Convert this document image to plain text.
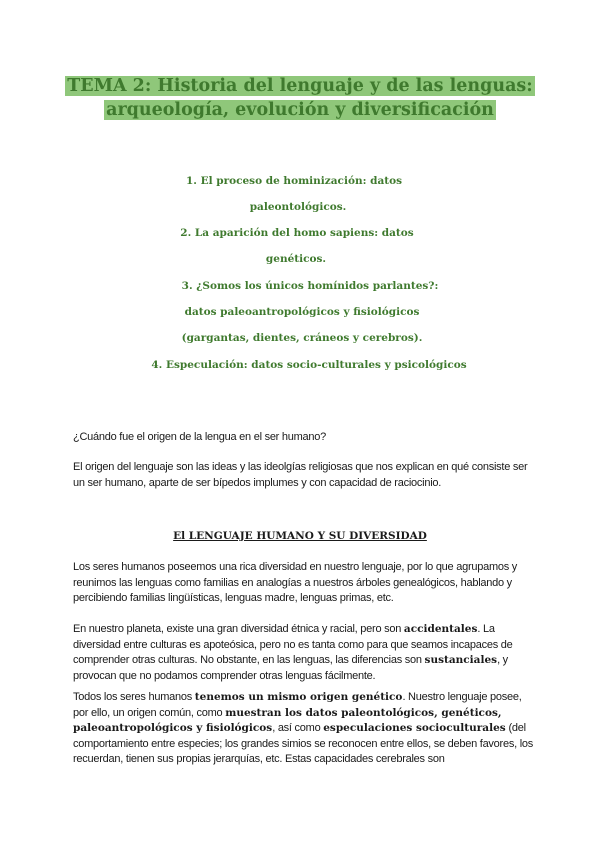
TEMA 2: Historia del lenguaje y de las lenguas:
arqueología, evolución y diversificación
1. El proceso de hominización: datos
paleontológicos.
2. La aparición del homo sapiens: datos
genéticos.
3. ¿Somos los únicos homínidos parlantes?:
datos paleoantropológicos y fisiológicos
(gargantas, dientes, cráneos y cerebros).
4. Especulación: datos socio-culturales y psicológicos
¿Cuándo fue el origen de la lengua en el ser humano?
El origen del lenguaje son las ideas y las ideolgías religiosas que nos explican en qué consiste ser un ser humano, aparte de ser bípedos implumes y con capacidad de raciocinio.
El LENGUAJE HUMANO Y SU DIVERSIDAD
Los seres humanos poseemos una rica diversidad en nuestro lenguaje, por lo que agrupamos y reunimos las lenguas como familias en analogías a nuestros árboles genealógicos, hablando y percibiendo familias lingüísticas, lenguas madre, lenguas primas, etc.
En nuestro planeta, existe una gran diversidad étnica y racial, pero son accidentales. La diversidad entre culturas es apoteósica, pero no es tanta como para que seamos incapaces de comprender otras culturas. No obstante, en las lenguas, las diferencias son sustanciales, y provocan que no podamos comprender otras lenguas fácilmente.
Todos los seres humanos tenemos un mismo origen genético. Nuestro lenguaje posee, por ello, un origen común, como muestran los datos paleontológicos, genéticos, paleoantropológicos y fisiológicos, así como especulaciones socioculturales (del comportamiento entre especies; los grandes simios se reconocen entre ellos, se deben favores, los recuerdan, tienen sus propias jerarquías, etc. Estas capacidades cerebrales son
